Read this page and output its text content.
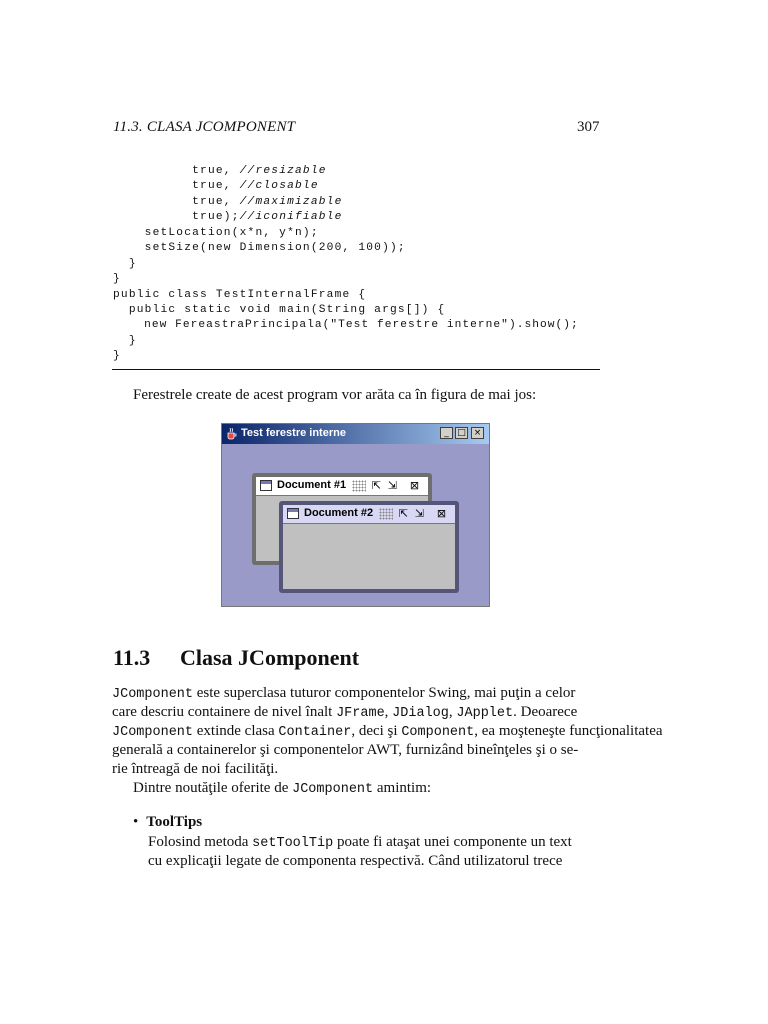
11.3. CLASA JCOMPONENT	307
true, //resizable
true, //closable
true, //maximizable
true);//iconifiable
setLocation(x*n, y*n);
setSize(new Dimension(200, 100));
}
}
public class TestInternalFrame {
public static void main(String args[]) {
new FereastraPrincipala("Test ferestre interne").show();
}
}
Ferestrele create de acest program vor arăta ca în figura de mai jos:
Test ferestre interne	_ □ ×
Document #1 ⇱ ⇲ ⊠
Document #2 ⇱ ⇲ ⊠
11.3 Clasa JComponent
JComponent este superclasa tuturor componentelor Swing, mai puţin a celor
care descriu containere de nivel înalt JFrame, JDialog, JApplet. Deoarece
JComponent extinde clasa Container, deci şi Component, ea moşteneşte funcţionalitatea
generală a containerelor şi componentelor AWT, furnizând bineînţeles şi o se-
rie întreagă de noi facilităţi.
Dintre noutăţile oferite de JComponent amintim:
• ToolTips
Folosind metoda setToolTip poate fi ataşat unei componente un text
cu explicaţii legate de componenta respectivă. Când utilizatorul trece
